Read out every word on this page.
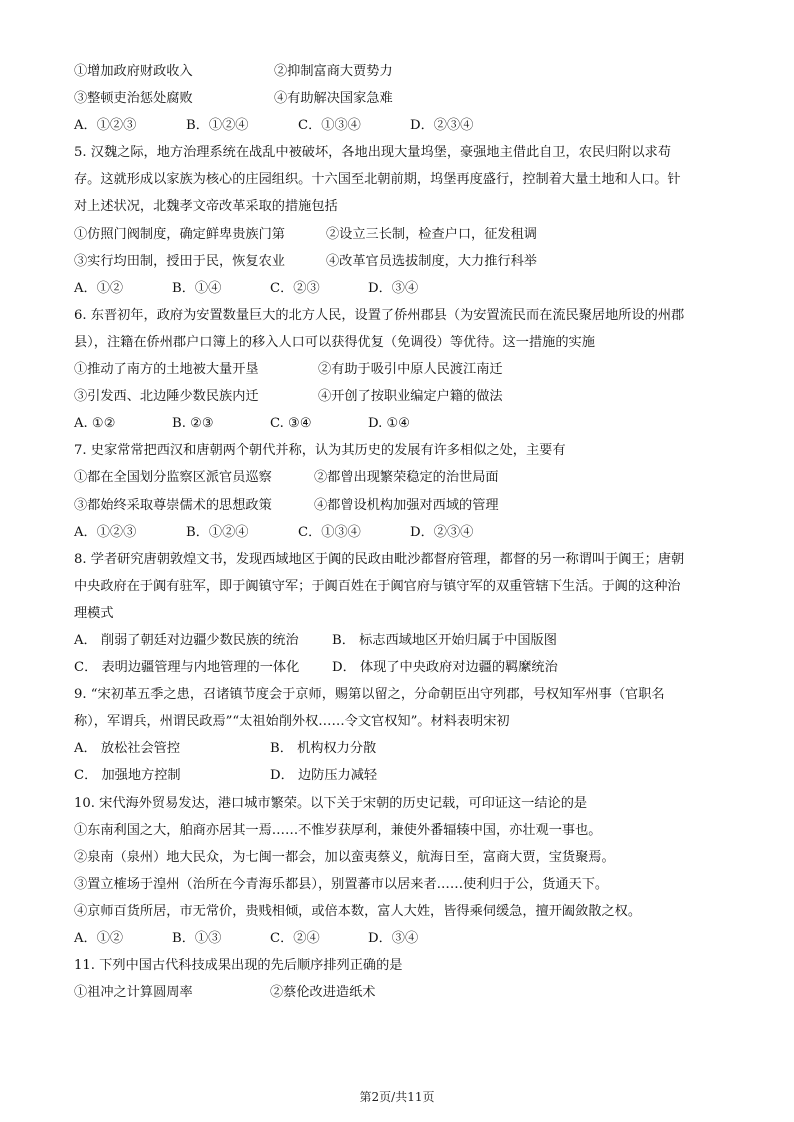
①增加政府财政收入	②抑制富商大贾势力
③整顿吏治惩处腐败	④有助解决国家急难
A．①②③	B．①②④	C．①③④	D．②③④
5. 汉魏之际，地方治理系统在战乱中被破坏，各地出现大量坞堡，豪强地主借此自卫，农民归附以求苟
存。这就形成以家族为核心的庄园组织。十六国至北朝前期，坞堡再度盛行，控制着大量土地和人口。针
对上述状况，北魏孝文帝改革采取的措施包括
①仿照门阀制度，确定鲜卑贵族门第	②设立三长制，检查户口，征发租调
③实行均田制，授田于民，恢复农业	④改革官员选拔制度，大力推行科举
A．①②	B．①④	C．②③	D．③④
6. 东晋初年，政府为安置数量巨大的北方人民，设置了侨州郡县（为安置流民而在流民聚居地所设的州郡
县），注籍在侨州郡户口簿上的移入人口可以获得优复（免调役）等优待。这一措施的实施
①推动了南方的土地被大量开垦	②有助于吸引中原人民渡江南迁
③引发西、北边陲少数民族内迁	④开创了按职业编定户籍的做法
A. ①②	B. ②③	C. ③④	D. ①④
7. 史家常常把西汉和唐朝两个朝代并称，认为其历史的发展有许多相似之处，主要有
①都在全国划分监察区派官员巡察	②都曾出现繁荣稳定的治世局面
③都始终采取尊崇儒术的思想政策	④都曾设机构加强对西域的管理
A．①②③	B．①②④	C．①③④	D．②③④
8. 学者研究唐朝敦煌文书，发现西域地区于阗的民政由毗沙都督府管理，都督的另一称谓叫于阗王；唐朝
中央政府在于阗有驻军，即于阗镇守军；于阗百姓在于阗官府与镇守军的双重管辖下生活。于阗的这种治
理模式
A． 削弱了朝廷对边疆少数民族的统治	B． 标志西域地区开始归属于中国版图
C． 表明边疆管理与内地管理的一体化	D． 体现了中央政府对边疆的羁縻统治
9. “宋初革五季之患，召诸镇节度会于京师，赐第以留之，分命朝臣出守列郡，号权知军州事（官职名
称），军谓兵，州谓民政焉”“太祖始削外权……令文官权知”。材料表明宋初
A． 放松社会管控	B． 机构权力分散
C． 加强地方控制	D． 边防压力减轻
10. 宋代海外贸易发达，港口城市繁荣。以下关于宋朝的历史记载，可印证这一结论的是
①东南利国之大，舶商亦居其一焉……不惟岁获厚利，兼使外番辐辏中国，亦壮观一事也。
②泉南（泉州）地大民众，为七闽一都会，加以蛮夷蔡义，航海日至，富商大贾，宝货聚焉。
③置立榷场于湟州（治所在今青海乐都县），别置蕃市以居来者……使利归于公，货通天下。
④京师百货所居，市无常价，贵贱相倾，或倍本数，富人大姓，皆得乘伺缓急，擅开阖敛散之权。
A．①②	B．①③	C．②④	D．③④
11. 下列中国古代科技成果出现的先后顺序排列正确的是
①祖冲之计算圆周率	②蔡伦改进造纸术
第2页/共11页
